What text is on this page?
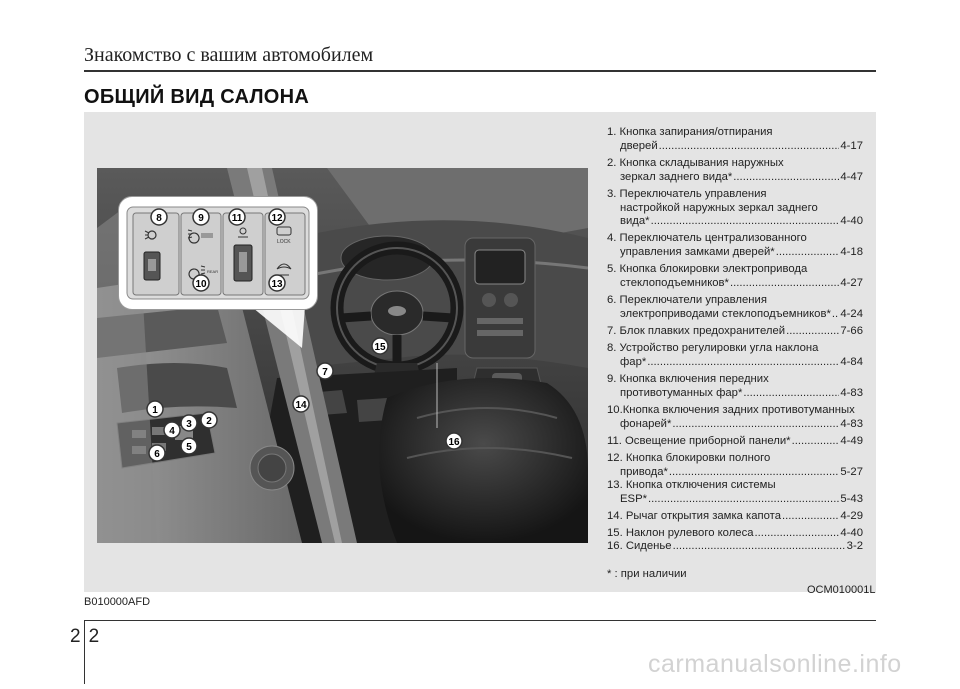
Знакомство с вашим автомобилем
ОБЩИЙ ВИД САЛОНА
1
2
3
4
5
6
7
14
15
16
REAR
LOCK
8	9	11	12
10	13
1. Кнопка запирания/отпирания
дверей .....	4-17
2. Кнопка складывания наружных
зеркал заднего вида* .....	4-47
3. Переключатель управления
настройкой наружных зеркал заднего
вида* .....	4-40
4. Переключатель централизованного
управления замками дверей* .....	4-18
5. Кнопка блокировки электропривода
стеклоподъемников* .....	4-27
6. Переключатели управления
электроприводами стеклоподъемников* ..... 4-24
7. Блок плавких предохранителей .....	7-66
8. Устройство регулировки угла наклона
фар* .....	4-84
9. Кнопка включения передних
противотуманных фар* .....	4-83
10.Кнопка включения задних противотуманных
фонарей* .....	4-83
11. Освещение приборной панели* .....	4-49
12. Кнопка блокировки полного
привода* .....	5-27
13. Кнопка отключения системы
ESP* .....	5-43
14. Рычаг открытия замка капота .....	4-29
15. Наклон рулевого колеса .....	4-40
16. Сиденье .....	3-2
* : при наличии
OCM010001L
B010000AFD
2 2
carmanualsonline.info
